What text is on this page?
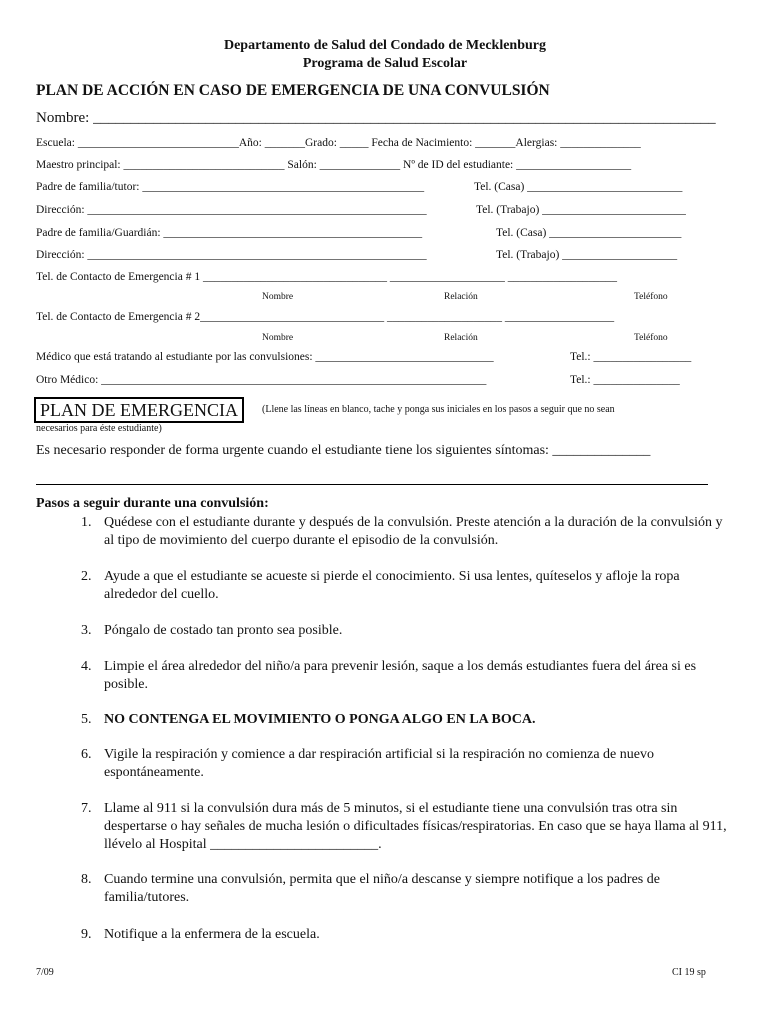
Departamento de Salud del Condado de Mecklenburg
Programa de Salud Escolar
PLAN DE ACCIÓN EN CASO DE EMERGENCIA DE UNA CONVULSIÓN
Nombre: ___________________________________________________________________________________
Escuela: ____________________________Año: _______Grado: _____ Fecha de Nacimiento: _______Alergias: ______________
Maestro principal: ____________________________ Salón: ______________ Nº de ID del estudiante: ____________________
Padre de familia/tutor: _________________________________________________	Tel. (Casa) ___________________________
Dirección: ___________________________________________________________	Tel. (Trabajo) _________________________
Padre de familia/Guardián: _____________________________________________	Tel. (Casa) _______________________
Dirección: ___________________________________________________________	Tel. (Trabajo) ____________________
Tel. de Contacto de Emergencia # 1 ________________________________ ____________________ ___________________
Nombre	Relación	Teléfono
Tel. de Contacto de Emergencia # 2________________________________ ____________________ ___________________
Nombre	Relación	Teléfono
Médico que está tratando al estudiante por las convulsiones: _______________________________	Tel.: _________________
Otro Médico: ___________________________________________________________________	Tel.: _______________
PLAN DE EMERGENCIA	(Llene las líneas en blanco, tache y ponga sus iniciales en los pasos a seguir que no sean
necesarios para éste estudiante)
Es necesario responder de forma urgente cuando el estudiante tiene los siguientes síntomas: ______________
Pasos a seguir durante una convulsión:
1. Quédese con el estudiante durante y después de la convulsión. Preste atención a la duración de la convulsión y al tipo de movimiento del cuerpo durante el episodio de la convulsión.
2. Ayude a que el estudiante se acueste si pierde el conocimiento. Si usa lentes, quíteselos y afloje la ropa alrededor del cuello.
3. Póngalo de costado tan pronto sea posible.
4. Limpie el área alrededor del niño/a para prevenir lesión, saque a los demás estudiantes fuera del área si es posible.
5. NO CONTENGA EL MOVIMIENTO O PONGA ALGO EN LA BOCA.
6. Vigile la respiración y comience a dar respiración artificial si la respiración no comienza de nuevo espontáneamente.
7. Llame al 911 si la convulsión dura más de 5 minutos, si el estudiante tiene una convulsión tras otra sin despertarse o hay señales de mucha lesión o dificultades físicas/respiratorias. En caso que se haya llama al 911, llévelo al Hospital ________________________.
8. Cuando termine una convulsión, permita que el niño/a descanse y siempre notifique a los padres de familia/tutores.
9. Notifique a la enfermera de la escuela.
7/09	CI 19 sp
